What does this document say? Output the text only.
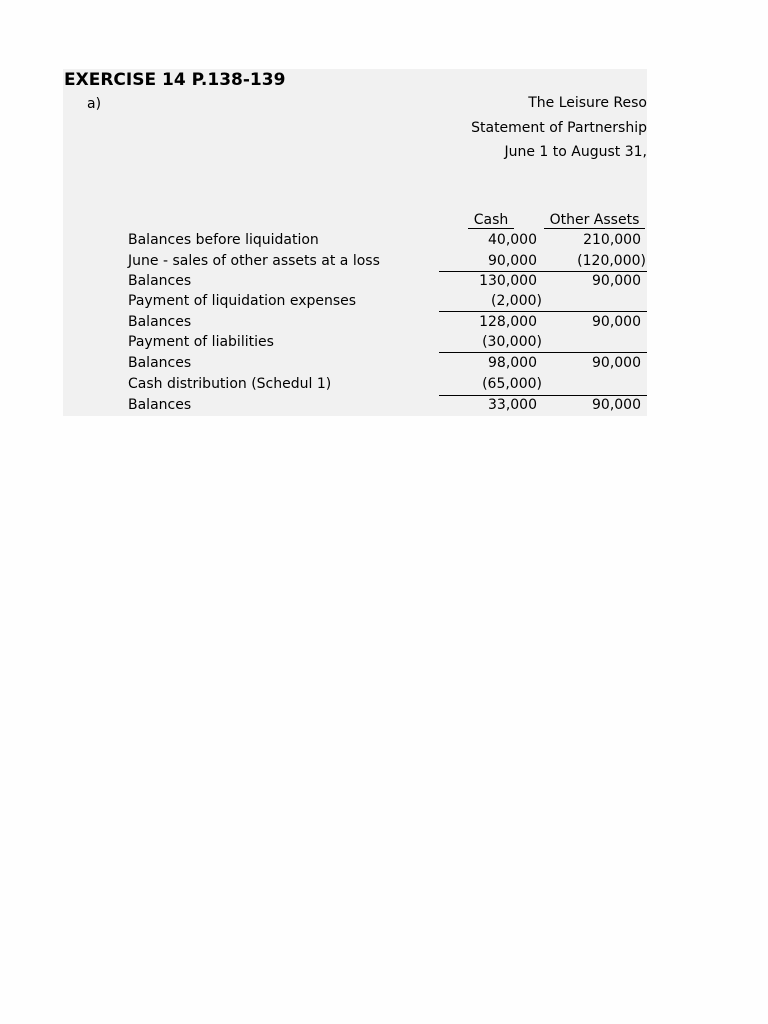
EXERCISE 14 P.138-139
a)	The Leisure Reso
Statement of Partnership
June 1 to August 31,
Cash	Other Assets
Balances before liquidation	40,000	210,000
June - sales of other assets at a loss	90,000	(120,000)
Balances	130,000	90,000
Payment of liquidation expenses	(2,000)
Balances	128,000	90,000
Payment of liabilities	(30,000)
Balances	98,000	90,000
Cash distribution (Schedul 1)	(65,000)
Balances	33,000	90,000
